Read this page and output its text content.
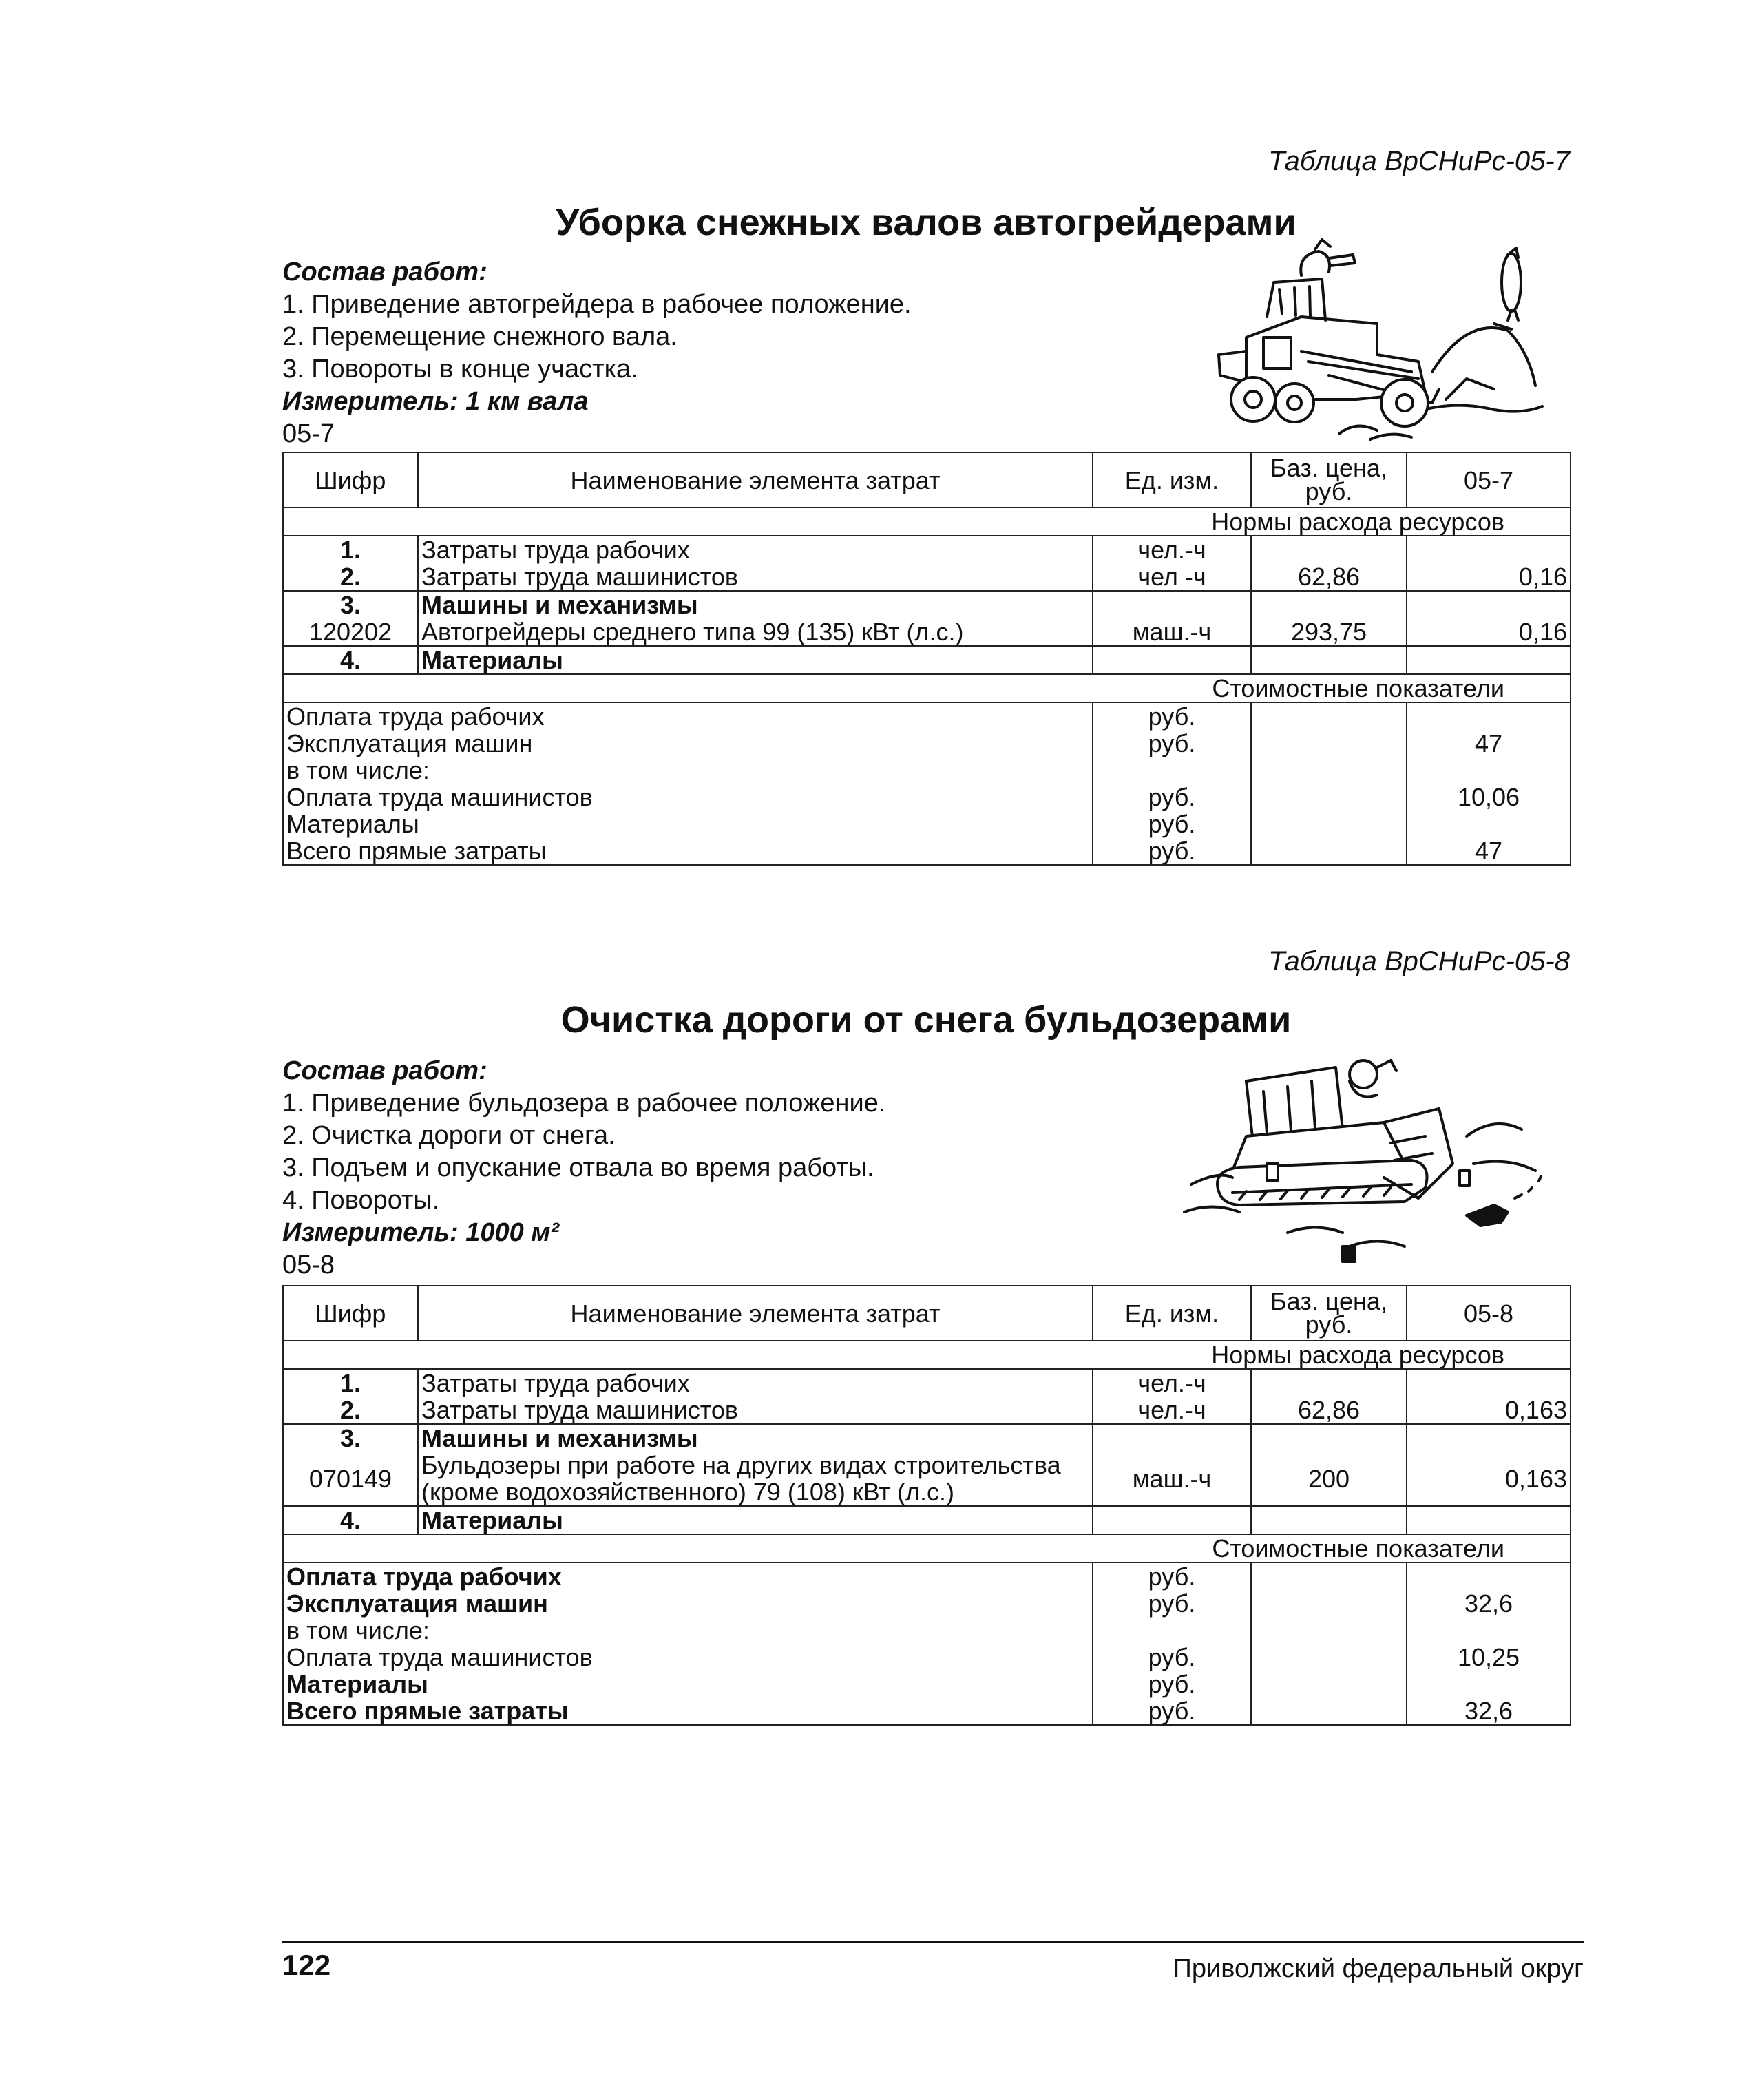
Таблица ВрСНиРс-05-7
Уборка снежных валов автогрейдерами
Состав работ:
1. Приведение автогрейдера в рабочее положение.
2. Перемещение снежного вала.
3. Повороты в конце участка.
Измеритель: 1 км вала
05-7
Шифр	Наименование элемента затрат	Ед. изм.	Баз. цена, руб.	05-7
Нормы расхода ресурсов				
1.	Затраты труда рабочих	чел.-ч		
2.	Затраты труда машинистов	чел -ч	62,86	0,16
3.	Машины и механизмы			
120202	Автогрейдеры среднего типа 99 (135) кВт (л.с.)	маш.-ч	293,75	0,16
4.	Материалы			
Стоимостные показатели				
Оплата труда рабочих		руб.		
Эксплуатация машин		руб.		47
в том числе:				
Оплата труда машинистов		руб.		10,06
Материалы		руб.		
Всего прямые затраты		руб.		47
Таблица ВрСНиРс-05-8
Очистка дороги от снега бульдозерами
Состав работ:
1. Приведение бульдозера в рабочее положение.
2. Очистка дороги от снега.
3. Подъем и опускание отвала во время работы.
4. Повороты.
Измеритель: 1000 м²
05-8
Шифр	Наименование элемента затрат	Ед. изм.	Баз. цена, руб.	05-8
Нормы расхода ресурсов				
1.	Затраты труда рабочих	чел.-ч		
2.	Затраты труда машинистов	чел.-ч	62,86	0,163
3.	Машины и механизмы			
070149	Бульдозеры при работе на других видах строительства (кроме водохозяйственного) 79 (108) кВт (л.с.)	маш.-ч	200	0,163
4.	Материалы			
Стоимостные показатели				
Оплата труда рабочих		руб.		
Эксплуатация машин		руб.		32,6
в том числе:				
Оплата труда машинистов		руб.		10,25
Материалы		руб.		
Всего прямые затраты		руб.		32,6
122	Приволжский федеральный округ
